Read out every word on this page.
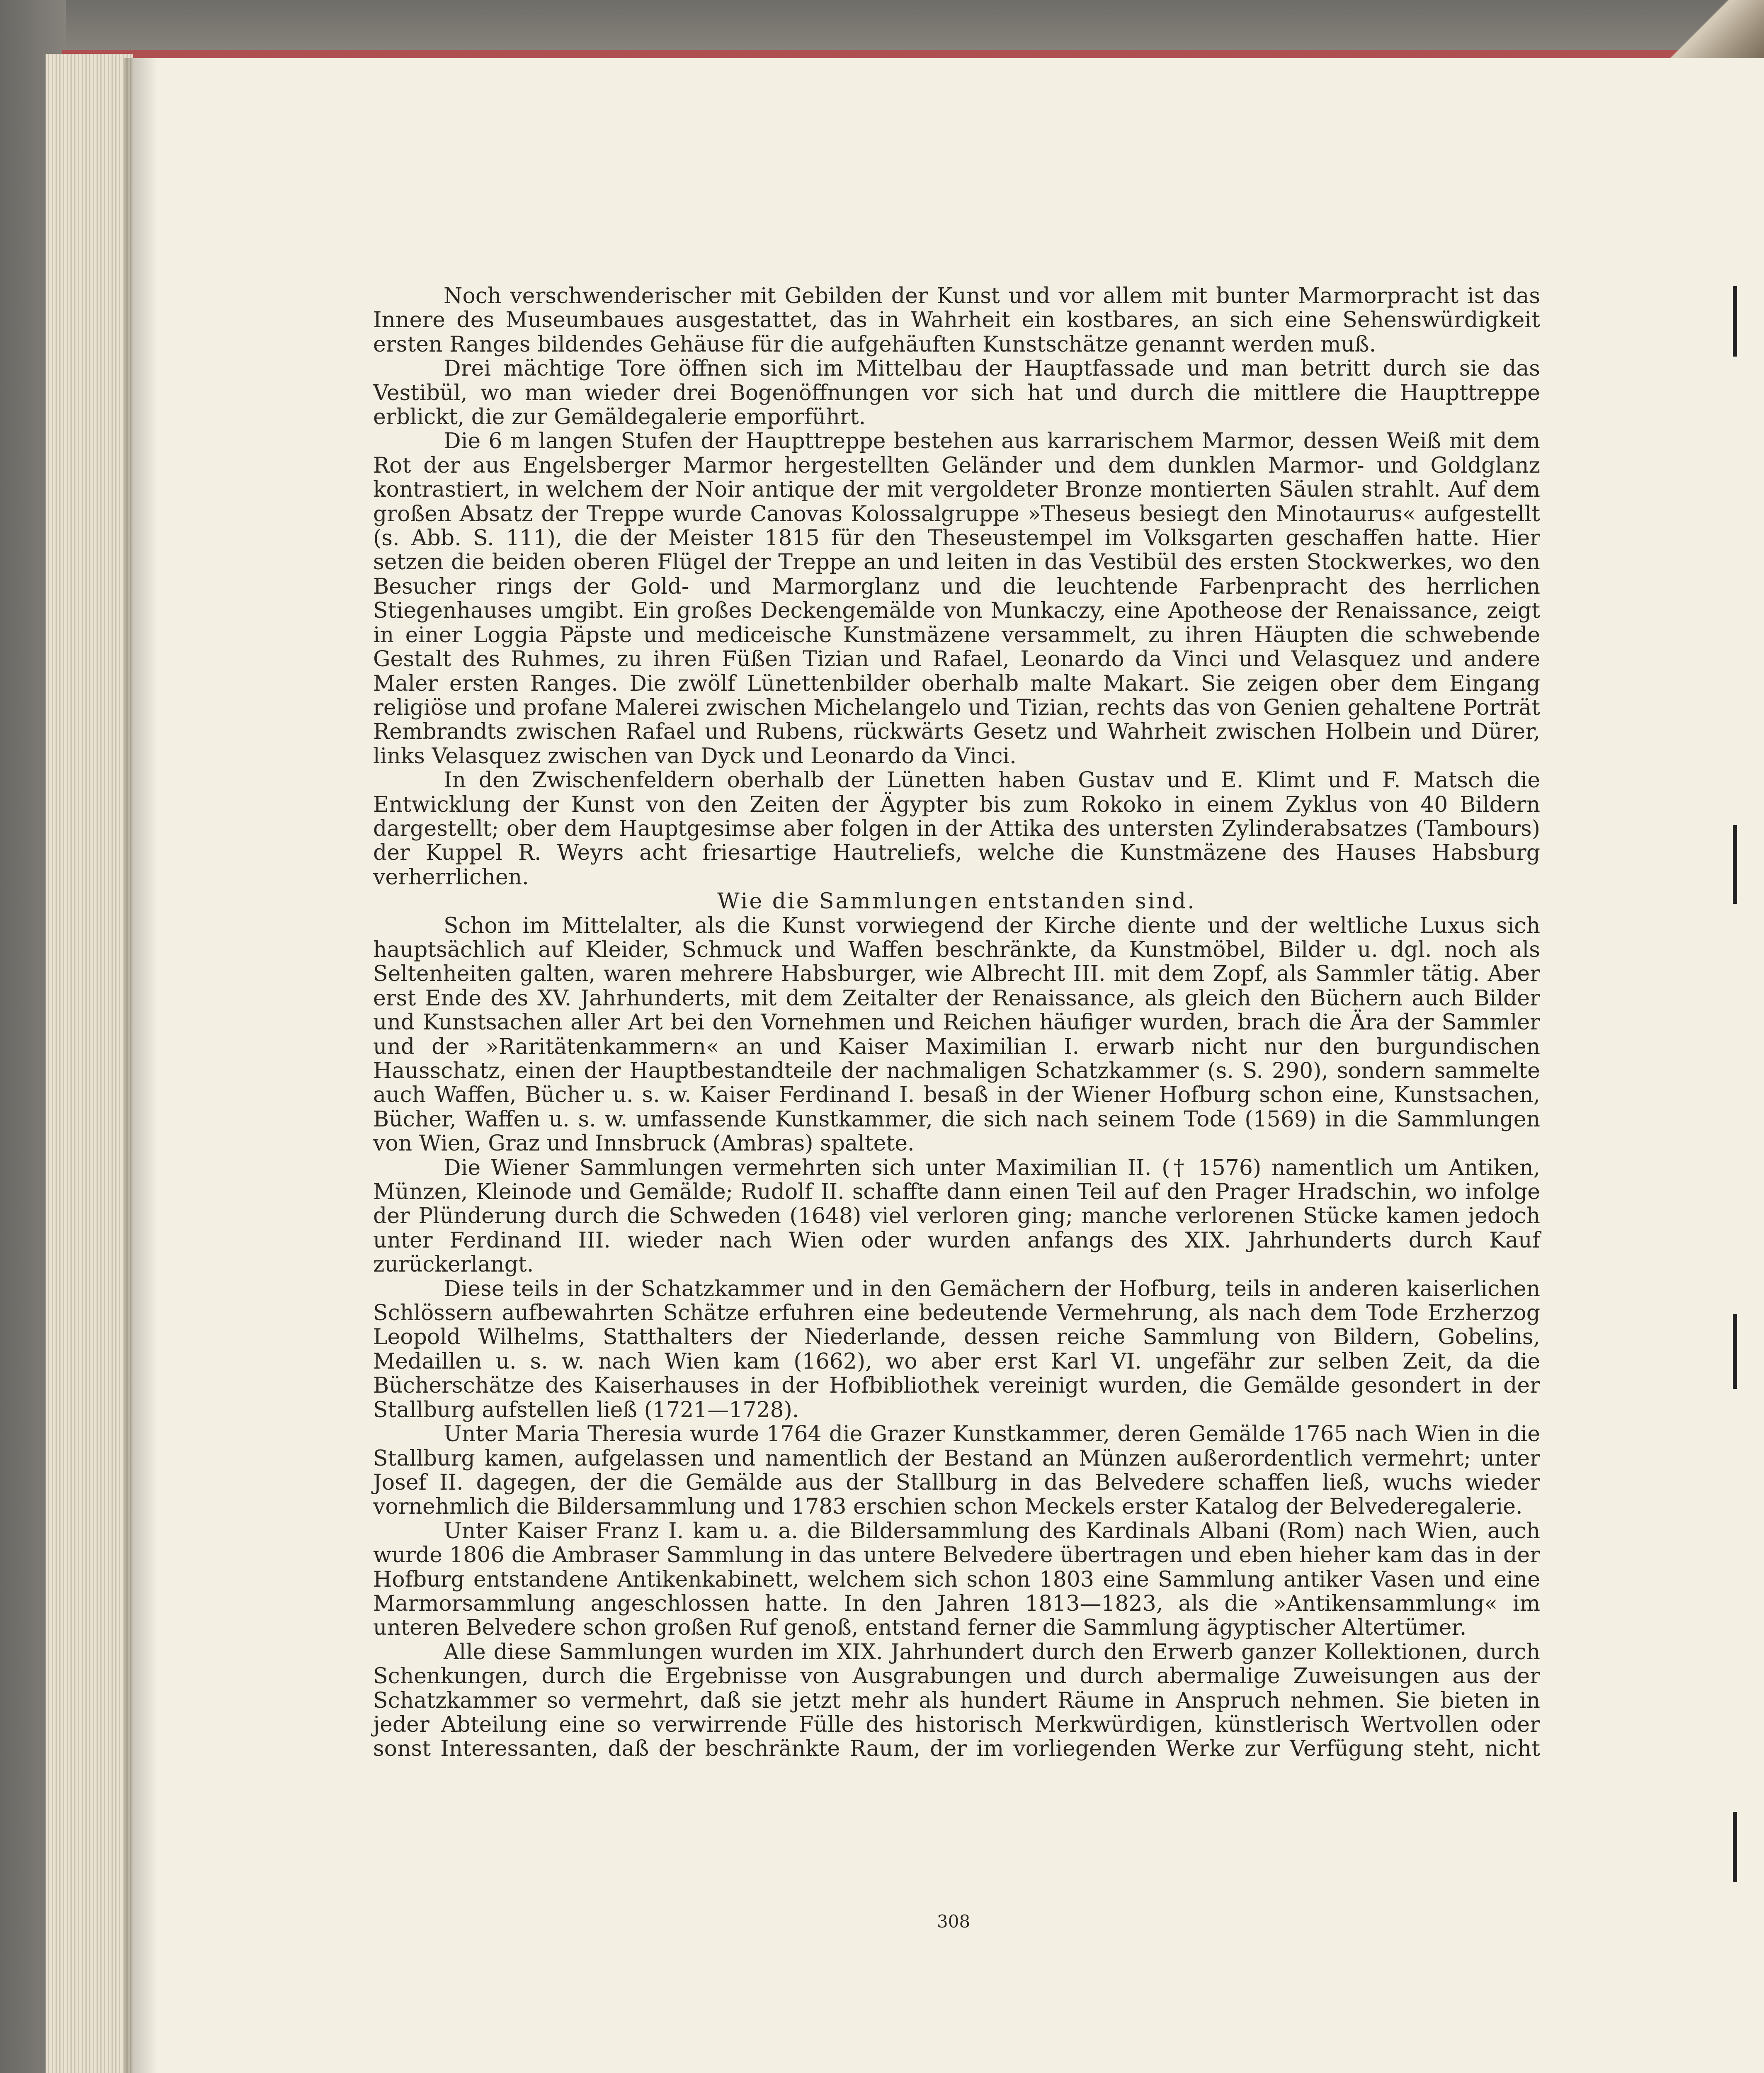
Noch verschwenderischer mit Gebilden der Kunst und vor allem mit bunter Marmorpracht ist das Innere des Museumbaues ausgestattet, das in Wahrheit ein kostbares, an sich eine Sehenswürdigkeit ersten Ranges bildendes Gehäuse für die aufgehäuften Kunstschätze genannt werden muß.

Drei mächtige Tore öffnen sich im Mittelbau der Hauptfassade und man betritt durch sie das Vestibül, wo man wieder drei Bogenöffnungen vor sich hat und durch die mittlere die Haupttreppe erblickt, die zur Gemäldegalerie emporführt.

Die 6 m langen Stufen der Haupttreppe bestehen aus karrarischem Marmor, dessen Weiß mit dem Rot der aus Engelsberger Marmor hergestellten Geländer und dem dunklen Marmor- und Goldglanz kontrastiert, in welchem der Noir antique der mit vergoldeter Bronze montierten Säulen strahlt. Auf dem großen Absatz der Treppe wurde Canovas Kolossalgruppe »Theseus besiegt den Minotaurus« aufgestellt (s. Abb. S. 111), die der Meister 1815 für den Theseustempel im Volksgarten geschaffen hatte. Hier setzen die beiden oberen Flügel der Treppe an und leiten in das Vestibül des ersten Stockwerkes, wo den Besucher rings der Gold- und Marmorglanz und die leuchtende Farbenpracht des herrlichen Stiegenhauses umgibt. Ein großes Deckengemälde von Munkaczy, eine Apotheose der Renaissance, zeigt in einer Loggia Päpste und mediceische Kunstmäzene versammelt, zu ihren Häupten die schwebende Gestalt des Ruhmes, zu ihren Füßen Tizian und Rafael, Leonardo da Vinci und Velasquez und andere Maler ersten Ranges. Die zwölf Lünettenbilder oberhalb malte Makart. Sie zeigen ober dem Eingang religiöse und profane Malerei zwischen Michelangelo und Tizian, rechts das von Genien gehaltene Porträt Rembrandts zwischen Rafael und Rubens, rückwärts Gesetz und Wahrheit zwischen Holbein und Dürer, links Velasquez zwischen van Dyck und Leonardo da Vinci.

In den Zwischenfeldern oberhalb der Lünetten haben Gustav und E. Klimt und F. Matsch die Entwicklung der Kunst von den Zeiten der Ägypter bis zum Rokoko in einem Zyklus von 40 Bildern dargestellt; ober dem Hauptgesimse aber folgen in der Attika des untersten Zylinderabsatzes (Tambours) der Kuppel R. Weyrs acht friesartige Hautreliefs, welche die Kunstmäzene des Hauses Habsburg verherrlichen.

Wie die Sammlungen entstanden sind.

Schon im Mittelalter, als die Kunst vorwiegend der Kirche diente und der weltliche Luxus sich hauptsächlich auf Kleider, Schmuck und Waffen beschränkte, da Kunstmöbel, Bilder u. dgl. noch als Seltenheiten galten, waren mehrere Habsburger, wie Albrecht III. mit dem Zopf, als Sammler tätig. Aber erst Ende des XV. Jahrhunderts, mit dem Zeitalter der Renaissance, als gleich den Büchern auch Bilder und Kunstsachen aller Art bei den Vornehmen und Reichen häufiger wurden, brach die Ära der Sammler und der »Raritätenkammern« an und Kaiser Maximilian I. erwarb nicht nur den burgundischen Hausschatz, einen der Hauptbestandteile der nachmaligen Schatzkammer (s. S. 290), sondern sammelte auch Waffen, Bücher u. s. w. Kaiser Ferdinand I. besaß in der Wiener Hofburg schon eine, Kunstsachen, Bücher, Waffen u. s. w. umfassende Kunstkammer, die sich nach seinem Tode (1569) in die Sammlungen von Wien, Graz und Innsbruck (Ambras) spaltete.

Die Wiener Sammlungen vermehrten sich unter Maximilian II. († 1576) namentlich um Antiken, Münzen, Kleinode und Gemälde; Rudolf II. schaffte dann einen Teil auf den Prager Hradschin, wo infolge der Plünderung durch die Schweden (1648) viel verloren ging; manche verlorenen Stücke kamen jedoch unter Ferdinand III. wieder nach Wien oder wurden anfangs des XIX. Jahrhunderts durch Kauf zurückerlangt.

Diese teils in der Schatzkammer und in den Gemächern der Hofburg, teils in anderen kaiserlichen Schlössern aufbewahrten Schätze erfuhren eine bedeutende Vermehrung, als nach dem Tode Erzherzog Leopold Wilhelms, Statthalters der Niederlande, dessen reiche Sammlung von Bildern, Gobelins, Medaillen u. s. w. nach Wien kam (1662), wo aber erst Karl VI. ungefähr zur selben Zeit, da die Bücherschätze des Kaiserhauses in der Hofbibliothek vereinigt wurden, die Gemälde gesondert in der Stallburg aufstellen ließ (1721—1728).

Unter Maria Theresia wurde 1764 die Grazer Kunstkammer, deren Gemälde 1765 nach Wien in die Stallburg kamen, aufgelassen und namentlich der Bestand an Münzen außerordentlich vermehrt; unter Josef II. dagegen, der die Gemälde aus der Stallburg in das Belvedere schaffen ließ, wuchs wieder vornehmlich die Bildersammlung und 1783 erschien schon Meckels erster Katalog der Belvederegalerie.

Unter Kaiser Franz I. kam u. a. die Bildersammlung des Kardinals Albani (Rom) nach Wien, auch wurde 1806 die Ambraser Sammlung in das untere Belvedere übertragen und eben hieher kam das in der Hofburg entstandene Antikenkabinett, welchem sich schon 1803 eine Sammlung antiker Vasen und eine Marmorsammlung angeschlossen hatte. In den Jahren 1813—1823, als die »Antikensammlung« im unteren Belvedere schon großen Ruf genoß, entstand ferner die Sammlung ägyptischer Altertümer.

Alle diese Sammlungen wurden im XIX. Jahrhundert durch den Erwerb ganzer Kollektionen, durch Schenkungen, durch die Ergebnisse von Ausgrabungen und durch abermalige Zuweisungen aus der Schatzkammer so vermehrt, daß sie jetzt mehr als hundert Räume in Anspruch nehmen. Sie bieten in jeder Abteilung eine so verwirrende Fülle des historisch Merkwürdigen, künstlerisch Wertvollen oder sonst Interessanten, daß der beschränkte Raum, der im vorliegenden Werke zur Verfügung steht, nicht

308
